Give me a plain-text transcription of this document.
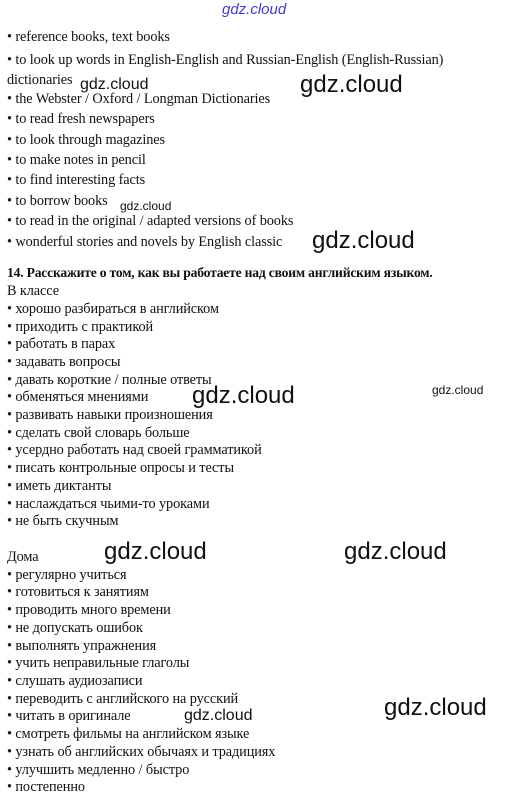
gdz.cloud
• reference books, text books
• to look up words in English-English and Russian-English (English-Russian) dictionaries
• the Webster / Oxford / Longman Dictionaries
• to read fresh newspapers
• to look through magazines
• to make notes in pencil
• to find interesting facts
• to borrow books
• to read in the original / adapted versions of books
• wonderful stories and novels by English classic
14. Расскажите о том, как вы работаете над своим английским языком.
В классе
• хорошо разбираться в английском
• приходить с практикой
• работать в парах
• задавать вопросы
• давать короткие / полные ответы
• обменяться мнениями
• развивать навыки произношения
• сделать свой словарь больше
• усердно работать над своей грамматикой
• писать контрольные опросы и тесты
• иметь диктанты
• наслаждаться чьими-то уроками
• не быть скучным
Дома
• регулярно учиться
• готовиться к занятиям
• проводить много времени
• не допускать ошибок
• выполнять упражнения
• учить неправильные глаголы
• слушать аудиозаписи
• переводить с английского на русский
• читать в оригинале
• смотреть фильмы на английском языке
• узнать об английских обычаях и традициях
• улучшить медленно / быстро
• постепенно
gdz.cloud	gdz.cloud
gdz.cloud
gdz.cloud
gdz.cloud	gdz.cloud
gdz.cloud	gdz.cloud
gdz.cloud	gdz.cloud
